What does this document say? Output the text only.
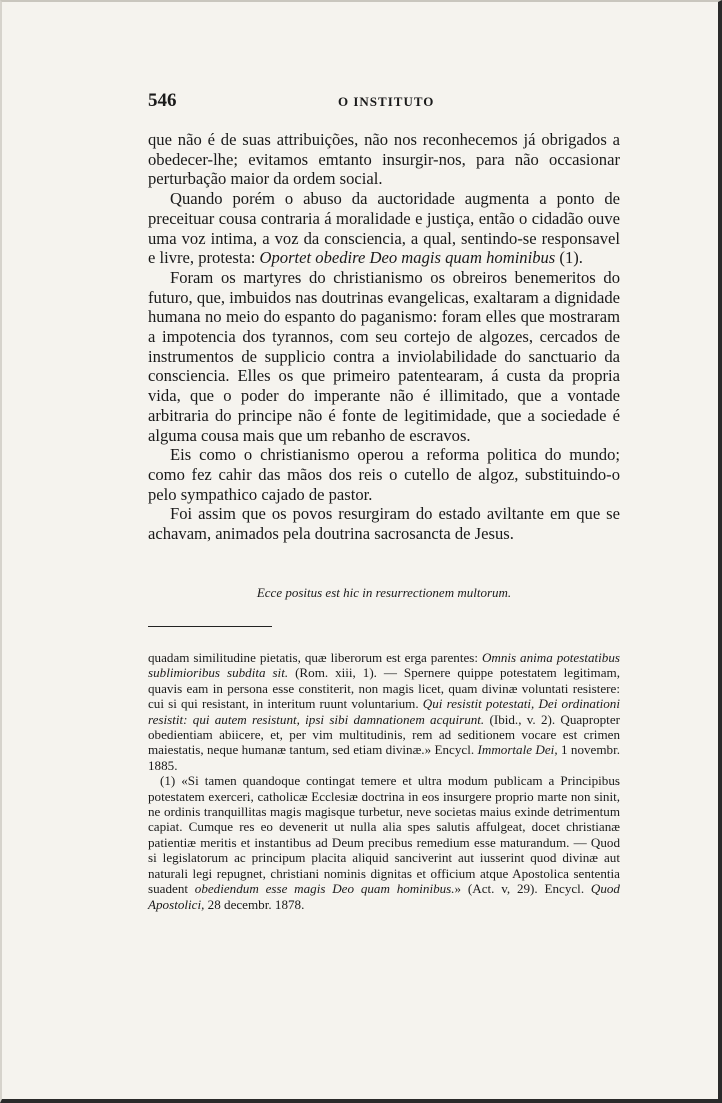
546	O INSTITUTO

que não é de suas attribuições, não nos reconhecemos já obrigados a obedecer-lhe; evitamos emtanto insurgir-nos, para não occasionar perturbação maior da ordem social.

Quando porém o abuso da auctoridade augmenta a ponto de preceituar cousa contraria á moralidade e justiça, então o cidadão ouve uma voz intima, a voz da consciencia, a qual, sentindo-se responsavel e livre, protesta: Oportet obedire Deo magis quam hominibus (1).

Foram os martyres do christianismo os obreiros benemeritos do futuro, que, imbuidos nas doutrinas evangelicas, exaltaram a dignidade humana no meio do espanto do paganismo: foram elles que mostraram a impotencia dos tyrannos, com seu cortejo de algozes, cercados de instrumentos de supplicio contra a inviolabilidade do sanctuario da consciencia. Elles os que primeiro patentearam, á custa da propria vida, que o poder do imperante não é illimitado, que a vontade arbitraria do principe não é fonte de legitimidade, que a sociedade é alguma cousa mais que um rebanho de escravos.

Eis como o christianismo operou a reforma politica do mundo; como fez cahir das mãos dos reis o cutello de algoz, substituindo-o pelo sympathico cajado de pastor.

Foi assim que os povos resurgiram do estado aviltante em que se achavam, animados pela doutrina sacrosancta de Jesus.

Ecce positus est hic in resurrectionem multorum.

quadam similitudine pietatis, quæ liberorum est erga parentes: Omnis anima potestatibus sublimioribus subdita sit. (Rom. xiii, 1). — Spernere quippe potestatem legitimam, quavis eam in persona esse constiterit, non magis licet, quam divinæ voluntati resistere: cui si qui resistant, in interitum ruunt voluntarium. Qui resistit potestati, Dei ordinationi resistit: qui autem resistunt, ipsi sibi damnationem acquirunt. (Ibid., v. 2). Quapropter obedientiam abiicere, et, per vim multitudinis, rem ad seditionem vocare est crimen maiestatis, neque humanæ tantum, sed etiam divinæ.» Encycl. Immortale Dei, 1 novembr. 1885.

(1) «Si tamen quandoque contingat temere et ultra modum publicam a Principibus potestatem exerceri, catholicæ Ecclesiæ doctrina in eos insurgere proprio marte non sinit, ne ordinis tranquillitas magis magisque turbetur, neve societas maius exinde detrimentum capiat. Cumque res eo devenerit ut nulla alia spes salutis affulgeat, docet christianæ patientiæ meritis et instantibus ad Deum precibus remedium esse maturandum. — Quod si legislatorum ac principum placita aliquid sanciverint aut iusserint quod divinæ aut naturali legi repugnet, christiani nominis dignitas et officium atque Apostolica sententia suadent obediendum esse magis Deo quam hominibus.» (Act. v, 29). Encycl. Quod Apostolici, 28 decembr. 1878.
